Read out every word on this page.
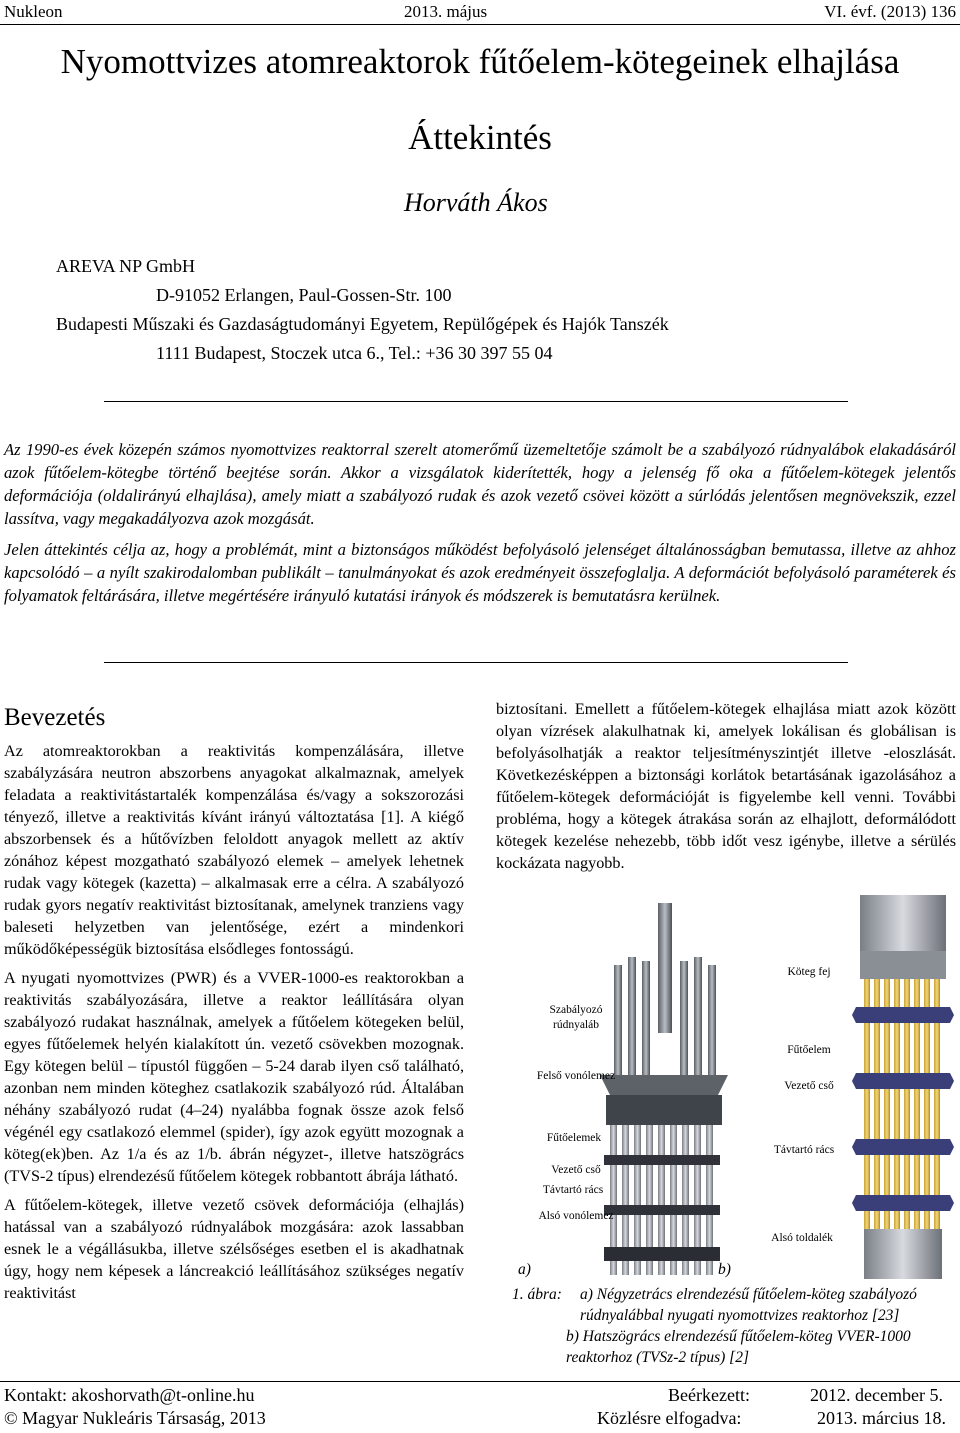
Nukleon	2013. május	VI. évf. (2013) 136
Nyomottvizes atomreaktorok fűtőelem-kötegeinek elhajlása
Áttekintés
Horváth Ákos
AREVA NP GmbH
D-91052 Erlangen, Paul-Gossen-Str. 100
Budapesti Műszaki és Gazdaságtudományi Egyetem, Repülőgépek és Hajók Tanszék
1111 Budapest, Stoczek utca 6., Tel.: +36 30 397 55 04
Az 1990-es évek közepén számos nyomottvizes reaktorral szerelt atomerőmű üzemeltetője számolt be a szabályozó rúdnyalábok elakadásáról azok fűtőelem-kötegbe történő beejtése során. Akkor a vizsgálatok kiderítették, hogy a jelenség fő oka a fűtőelem-kötegek jelentős deformációja (oldalirányú elhajlása), amely miatt a szabályozó rudak és azok vezető csövei között a súrlódás jelentősen megnövekszik, ezzel lassítva, vagy megakadályozva azok mozgását.
Jelen áttekintés célja az, hogy a problémát, mint a biztonságos működést befolyásoló jelenséget általánosságban bemutassa, illetve az ahhoz kapcsolódó – a nyílt szakirodalomban publikált – tanulmányokat és azok eredményeit összefoglalja. A deformációt befolyásoló paraméterek és folyamatok feltárására, illetve megértésére irányuló kutatási irányok és módszerek is bemutatásra kerülnek.
Bevezetés

Az atomreaktorokban a reaktivitás kompenzálására, illetve szabályzására neutron abszorbens anyagokat alkalmaznak, amelyek feladata a reaktivitástartalék kompenzálása és/vagy a sokszorozási tényező, illetve a reaktivitás kívánt irányú változtatása [1]. A kiégő abszorbensek és a hűtővízben feloldott anyagok mellett az aktív zónához képest mozgatható szabályozó elemek – amelyek lehetnek rudak vagy kötegek (kazetta) – alkalmasak erre a célra. A szabályozó rudak gyors negatív reaktivitást biztosítanak, amelynek tranziens vagy baleseti helyzetben van jelentősége, ezért a mindenkori működőképességük biztosítása elsődleges fontosságú.

A nyugati nyomottvizes (PWR) és a VVER-1000-es reaktorokban a reaktivitás szabályozására, illetve a reaktor leállítására olyan szabályozó rudakat használnak, amelyek a fűtőelem kötegeken belül, egyes fűtőelemek helyén kialakított ún. vezető csövekben mozognak. Egy kötegen belül – típustól függően – 5-24 darab ilyen cső található, azonban nem minden köteghez csatlakozik szabályozó rúd. Általában néhány szabályozó rudat (4–24) nyalábba fognak össze azok felső végénél egy csatlakozó elemmel (spider), így azok együtt mozognak a köteg(ek)ben. Az 1/a és az 1/b. ábrán négyzet-, illetve hatszögrács (TVS-2 típus) elrendezésű fűtőelem kötegek robbantott ábrája látható.

A fűtőelem-kötegek, illetve vezető csövek deformációja (elhajlás) hatással van a szabályozó rúdnyalábok mozgására: azok lassabban esnek le a végállásukba, illetve szélsőséges esetben el is akadhatnak úgy, hogy nem képesek a láncreakció leállításához szükséges negatív reaktivitást

biztosítani. Emellett a fűtőelem-kötegek elhajlása miatt azok között olyan vízrések alakulhatnak ki, amelyek lokálisan és globálisan is befolyásolhatják a reaktor teljesítményszintjét illetve -eloszlását. Következésképpen a biztonsági korlátok betartásának igazolásához a fűtőelem-kötegek deformációját is figyelembe kell venni. További probléma, hogy a kötegek átrakása során az elhajlott, deformálódott kötegek kezelése nehezebb, több időt vesz igénybe, illetve a sérülés kockázata nagyobb.

Szabályozó rúdnyaláb
Felső vonólemez
Fűtőelemek
Vezető cső
Távtartó rács
Alsó vonólemez
Köteg fej
Fűtőelem
Vezető cső
Távtartó rács
Alsó toldalék
a)	b)
1. ábra: a) Négyzetrács elrendezésű fűtőelem-köteg szabályozó rúdnyalábbal nyugati nyomottvizes reaktorhoz [23]
b) Hatszögrács elrendezésű fűtőelem-köteg VVER-1000 reaktorhoz (TVSz-2 típus) [2]
Kontakt: akoshorvath@t-online.hu
© Magyar Nukleáris Társaság, 2013
Beérkezett:	2012. december 5.
Közlésre elfogadva:	2013. március 18.
